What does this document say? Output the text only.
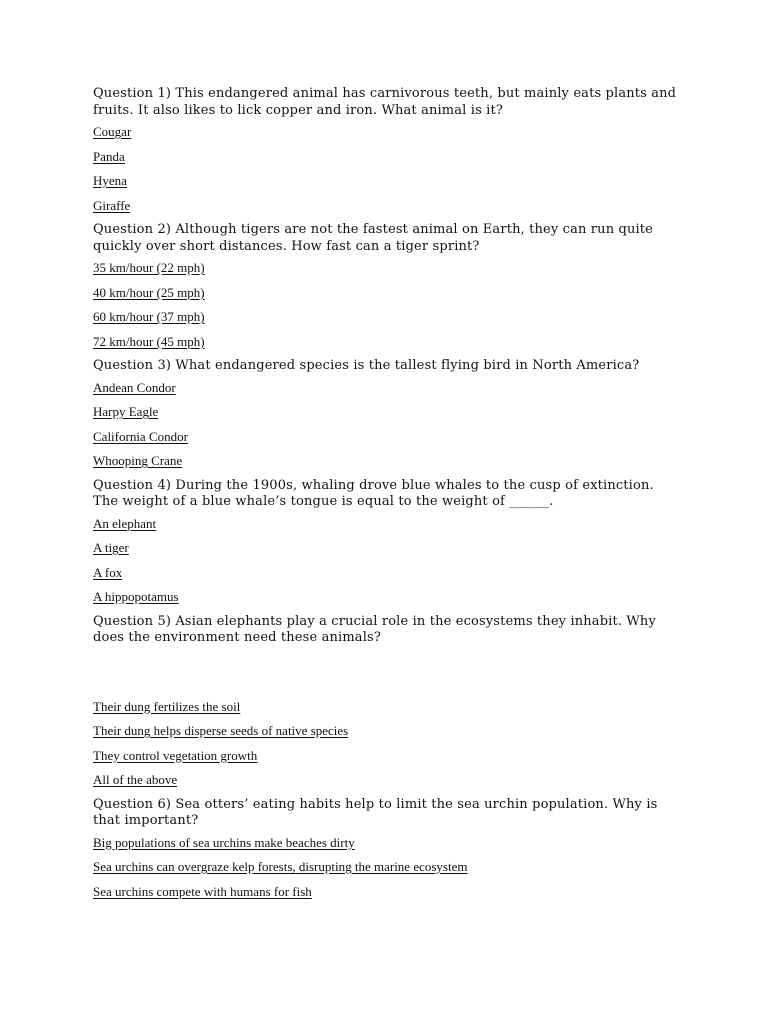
Question 1) This endangered animal has carnivorous teeth, but mainly eats plants and fruits. It also likes to lick copper and iron. What animal is it?

Cougar
Panda
Hyena
Giraffe

Question 2) Although tigers are not the fastest animal on Earth, they can run quite quickly over short distances. How fast can a tiger sprint?

35 km/hour (22 mph)
40 km/hour (25 mph)
60 km/hour (37 mph)
72 km/hour (45 mph)

Question 3) What endangered species is the tallest flying bird in North America?

Andean Condor
Harpy Eagle
California Condor
Whooping Crane

Question 4) During the 1900s, whaling drove blue whales to the cusp of extinction. The weight of a blue whale’s tongue is equal to the weight of ______.

An elephant
A tiger
A fox
A hippopotamus

Question 5) Asian elephants play a crucial role in the ecosystems they inhabit. Why does the environment need these animals?

Their dung fertilizes the soil
Their dung helps disperse seeds of native species
They control vegetation growth
All of the above

Question 6) Sea otters’ eating habits help to limit the sea urchin population. Why is that important?

Big populations of sea urchins make beaches dirty
Sea urchins can overgraze kelp forests, disrupting the marine ecosystem
Sea urchins compete with humans for fish
